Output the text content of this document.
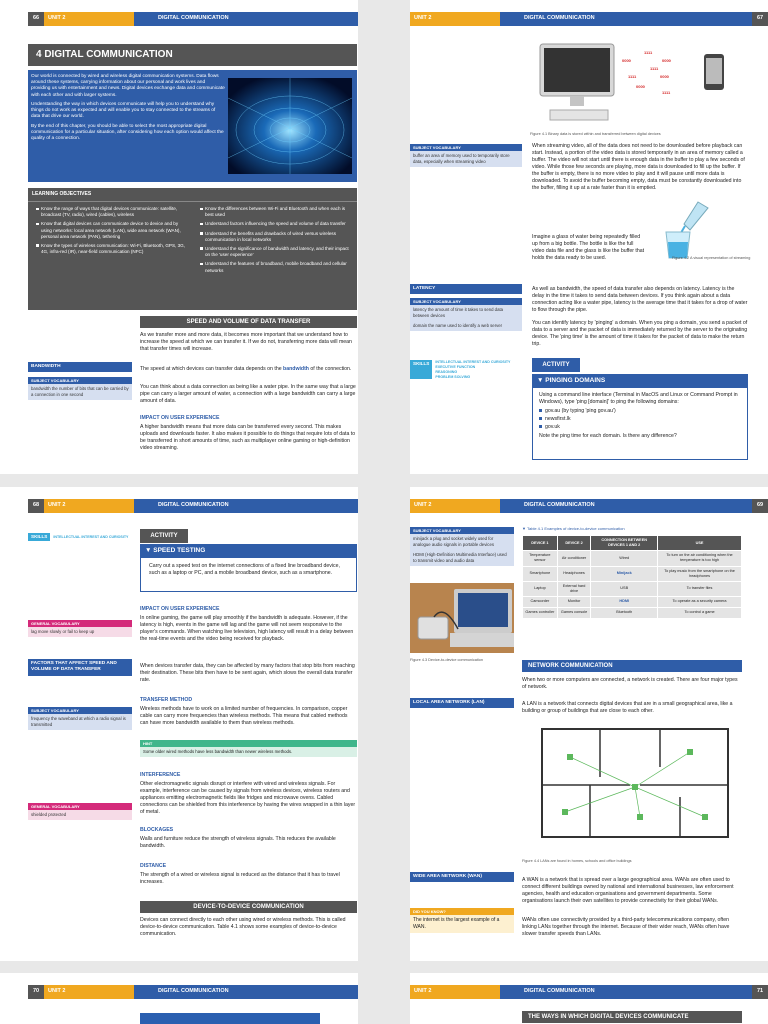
66	UNIT 2	DIGITAL COMMUNICATION
4 DIGITAL COMMUNICATION

Our world is connected by wired and wireless digital communication systems. Data flows around these systems, carrying information about our personal and work lives and providing us with entertainment and news. Digital devices exchange data and communicate with each other and with larger systems.

Understanding the way in which devices communicate will help you to understand why things do not work as expected and will enable you to stay connected to the streams of data that drive our world.

By the end of this chapter, you should be able to select the most appropriate digital communication for a particular situation, after considering how each option would affect the quality of a connection.

LEARNING OBJECTIVES
Know the range of ways that digital devices communicate: satellite, broadcast (TV, radio), wired (cables), wireless
Know that digital devices can communicate device to device and by using networks: local area network (LAN), wide area network (WAN), personal area network (PAN), tethering
Know the types of wireless communication: Wi-Fi, Bluetooth, GPS, 3G, 4G, infra-red (IR), near-field communication (NFC)
Know the differences between Wi-Fi and Bluetooth and when each is best used
Understand factors influencing the speed and volume of data transfer
Understand the benefits and drawbacks of wired versus wireless communication in local networks
Understand the significance of bandwidth and latency, and their impact on the 'user experience'
Understand the features of broadband, mobile broadband and cellular networks
SPEED AND VOLUME OF DATA TRANSFER

As we transfer more and more data, it becomes more important that we understand how to increase the speed at which we can transfer it. If we do not, transferring more data will mean that transfer times will increase.

BANDWIDTH
SUBJECT VOCABULARY
bandwidth the number of bits that can be carried by a connection in one second

The speed at which devices can transfer data depends on the bandwidth of the connection.

You can think about a data connection as being like a water pipe. In the same way that a large pipe can carry a larger amount of water, a connection with a large bandwidth can carry a large amount of data.

IMPACT ON USER EXPERIENCE

A higher bandwidth means that more data can be transferred every second. This makes uploads and downloads faster. It also makes it possible to do things that require lots of data to be transferred in short amounts of time, such as multiplayer online gaming or high-definition video streaming.

UNIT 2	DIGITAL COMMUNICATION	67
1111
0000	0000
1111
1111	0000
0000
1111
Figure 4.1 Binary data is stored within and transferred between digital devices
SUBJECT VOCABULARY
buffer an area of memory used to temporarily store data, especially when streaming video

When streaming video, all of the data does not need to be downloaded before playback can start. Instead, a portion of the video data is stored temporarily in an area of memory called a buffer. The video will not start until there is enough data in the buffer to play a few seconds of video. While those few seconds are playing, more data is downloaded to fill up the buffer. If the buffer is empty, there is no more video to play and it will pause until more data is downloaded. To avoid the buffer becoming empty, data must be constantly downloaded into the buffer, filling it up at a rate faster than it is emptied.

Imagine a glass of water being repeatedly filled up from a big bottle. The bottle is like the full video data file and the glass is like the buffer that holds the data ready to be used.	Figure 4.2 A visual representation of streaming
LATENCY
SUBJECT VOCABULARY
latency the amount of time it takes to send data between devices
domain the name used to identify a web server

As well as bandwidth, the speed of data transfer also depends on latency. Latency is the delay in the time it takes to send data between devices. If you think again about a data connection acting like a water pipe, latency is the average time that it takes for a drop of water to flow through the pipe.

You can identify latency by 'pinging' a domain. When you ping a domain, you send a packet of data to a server and the packet of data is immediately returned by the server to the originating device. The 'ping time' is the amount of time it takes for the packet of data to make the return trip.

SKILLS	INTELLECTUAL INTEREST AND CURIOSITY
EXECUTIVE FUNCTION
REASONING
PROBLEM SOLVING
ACTIVITY
▼ PINGING DOMAINS

Using a command line interface (Terminal in MacOS and Linux or Command Prompt in Windows), type 'ping [domain]' to ping the following domains:

gov.au (by typing 'ping gov.au')
newsfirst.lk
gov.uk

Note the ping time for each domain. Is there any difference?

68	UNIT 2	DIGITAL COMMUNICATION
SKILLS	INTELLECTUAL INTEREST AND CURIOSITY	ACTIVITY
▼ SPEED TESTING

Carry out a speed test on the internet connections of a fixed line broadband device, such as a laptop or PC, and a mobile broadband device, such as a smartphone.

IMPACT ON USER EXPERIENCE
GENERAL VOCABULARY
lag move slowly or fail to keep up

In online gaming, the game will play smoothly if the bandwidth is adequate. However, if the latency is high, events in the game will lag and the game will not seem responsive to the player's commands. When watching live television, high latency will result in a delay between the real-time events and the video being received for playback.

FACTORS THAT AFFECT SPEED AND VOLUME OF DATA TRANSFER

When devices transfer data, they can be affected by many factors that stop bits from reaching their destination. These bits then have to be sent again, which slows the overall data transfer rate.

TRANSFER METHOD
SUBJECT VOCABULARY
frequency the waveband at which a radio signal is transmitted

Wireless methods have to work on a limited number of frequencies. In comparison, copper cable can carry more frequencies than wireless methods. This means that cabled methods can have more bandwidth available to them than wireless methods.

HINT
Some older wired methods have less bandwidth than newer wireless methods.
INTERFERENCE

Other electromagnetic signals disrupt or interfere with wired and wireless signals. For example, interference can be caused by signals from wireless devices, wireless routers and appliances emitting electromagnetic fields like fridges and microwave ovens. Cabled connections can be shielded from this interference by having the wires wrapped in a thin layer of metal.

GENERAL VOCABULARY
shielded protected
BLOCKAGES

Walls and furniture reduce the strength of wireless signals. This reduces the available bandwidth.

DISTANCE

The strength of a wired or wireless signal is reduced as the distance that it has to travel increases.

DEVICE-TO-DEVICE COMMUNICATION

Devices can connect directly to each other using wired or wireless methods. This is called device-to-device communication. Table 4.1 shows some examples of device-to-device communication.

UNIT 2	DIGITAL COMMUNICATION	69
SUBJECT VOCABULARY
minijack a plug and socket widely used for analogue audio signals in portable devices
HDMI (High-Definition Multimedia Interface) used to transmit video and audio data
Figure 4.3 Device-to-device communication
▼ Table 4.1 Examples of device-to-device communication
DEVICE 1	DEVICE 2	CONNECTION BETWEEN DEVICES 1 AND 2	USE
Temperature sensor	Air conditioner	Wired	To turn on the air conditioning when the temperature is too high
Smartphone	Headphones	Minijack	To play music from the smartphone on the headphones
Laptop	External hard drive	USB	To transfer files
Camcorder	Monitor	HDMI	To operate as a security camera
Games controller	Games console	Bluetooth	To control a game
NETWORK COMMUNICATION

When two or more computers are connected, a network is created. There are four major types of network.

LOCAL AREA NETWORK (LAN)	A LAN is a network that connects digital devices that are in a small geographical area, like a building or group of buildings that are close to each other.

Figure 4.4 LANs are found in homes, schools and office buildings
WIDE AREA NETWORK (WAN)
DID YOU KNOW?
The internet is the largest example of a WAN.

A WAN is a network that is spread over a large geographical area. WANs are often used to connect different buildings owned by national and international businesses, law enforcement agencies, health and education organisations and government departments. Some organisations launch their own satellites to provide connectivity for their global WANs.

WANs often use connectivity provided by a third-party telecommunications company, often linking LANs together through the internet. Because of their wider reach, WANs often have slower transfer speeds than LANs.

70	UNIT 2	DIGITAL COMMUNICATION	UNIT 2	DIGITAL COMMUNICATION	71
THE WAYS IN WHICH DIGITAL DEVICES COMMUNICATE
